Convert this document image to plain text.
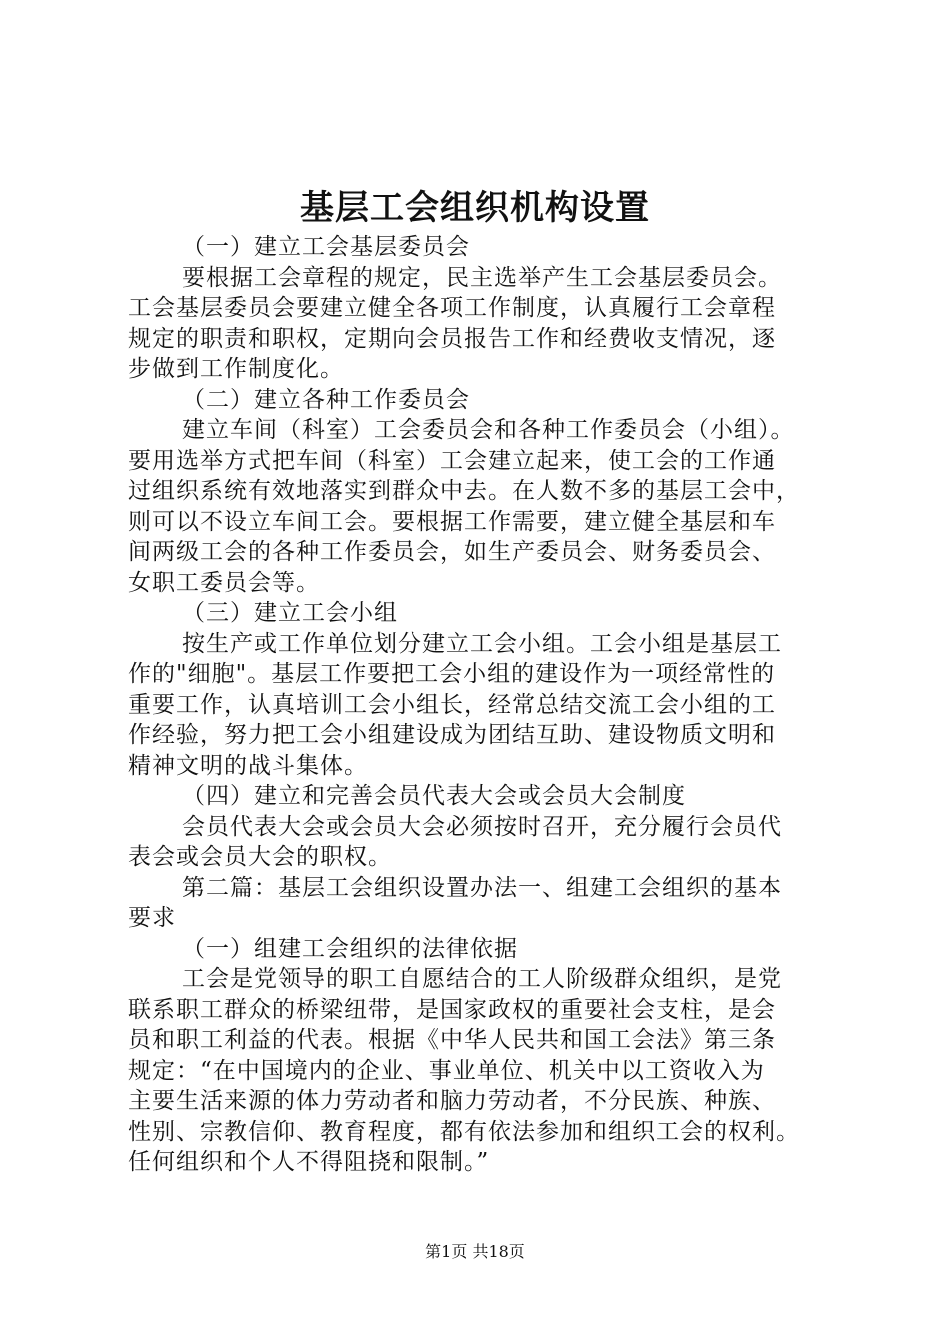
基层工会组织机构设置
（一）建立工会基层委员会
要根据工会章程的规定，民主选举产生工会基层委员会。
工会基层委员会要建立健全各项工作制度，认真履行工会章程
规定的职责和职权，定期向会员报告工作和经费收支情况，逐
步做到工作制度化。
（二）建立各种工作委员会
建立车间（科室）工会委员会和各种工作委员会（小组）。
要用选举方式把车间（科室）工会建立起来，使工会的工作通
过组织系统有效地落实到群众中去。在人数不多的基层工会中，
则可以不设立车间工会。要根据工作需要，建立健全基层和车
间两级工会的各种工作委员会，如生产委员会、财务委员会、
女职工委员会等。
（三）建立工会小组
按生产或工作单位划分建立工会小组。工会小组是基层工
作的"细胞"。基层工作要把工会小组的建设作为一项经常性的
重要工作，认真培训工会小组长，经常总结交流工会小组的工
作经验，努力把工会小组建设成为团结互助、建设物质文明和
精神文明的战斗集体。
（四）建立和完善会员代表大会或会员大会制度
会员代表大会或会员大会必须按时召开，充分履行会员代
表会或会员大会的职权。
第二篇：基层工会组织设置办法一、组建工会组织的基本
要求
（一）组建工会组织的法律依据
工会是党领导的职工自愿结合的工人阶级群众组织，是党
联系职工群众的桥梁纽带，是国家政权的重要社会支柱，是会
员和职工利益的代表。根据《中华人民共和国工会法》第三条
规定：“在中国境内的企业、事业单位、机关中以工资收入为
主要生活来源的体力劳动者和脑力劳动者，不分民族、种族、
性别、宗教信仰、教育程度，都有依法参加和组织工会的权利。
任何组织和个人不得阻挠和限制。”
第1页 共18页
